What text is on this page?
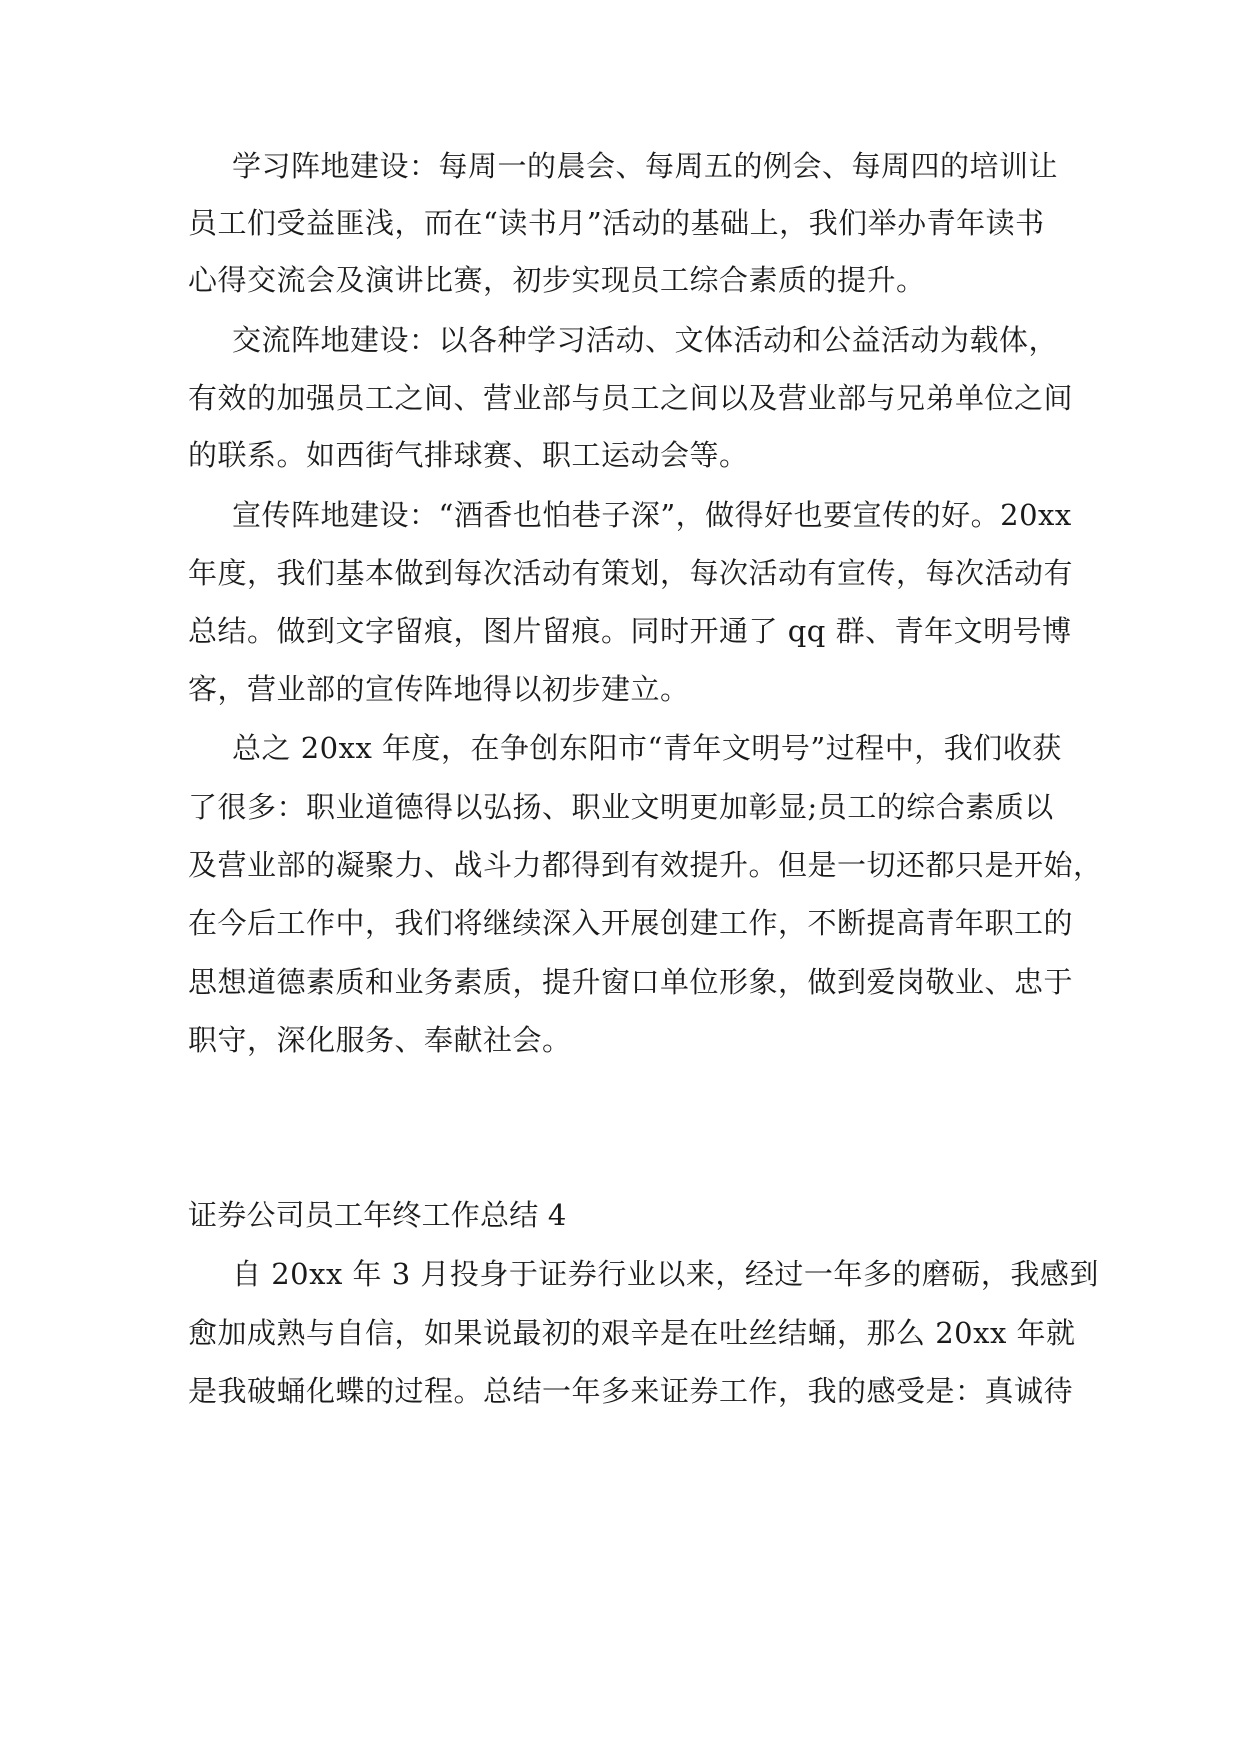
学习阵地建设：每周一的晨会、每周五的例会、每周四的培训让

员工们受益匪浅，而在“读书月”活动的基础上，我们举办青年读书

心得交流会及演讲比赛，初步实现员工综合素质的提升。

交流阵地建设：以各种学习活动、文体活动和公益活动为载体，

有效的加强员工之间、营业部与员工之间以及营业部与兄弟单位之间

的联系。如西街气排球赛、职工运动会等。

宣传阵地建设：“酒香也怕巷子深”，做得好也要宣传的好。20xx

年度，我们基本做到每次活动有策划，每次活动有宣传，每次活动有

总结。做到文字留痕，图片留痕。同时开通了 qq 群、青年文明号博

客，营业部的宣传阵地得以初步建立。

总之 20xx 年度，在争创东阳市“青年文明号”过程中，我们收获

了很多：职业道德得以弘扬、职业文明更加彰显;员工的综合素质以

及营业部的凝聚力、战斗力都得到有效提升。但是一切还都只是开始，

在今后工作中，我们将继续深入开展创建工作，不断提高青年职工的

思想道德素质和业务素质，提升窗口单位形象，做到爱岗敬业、忠于

职守，深化服务、奉献社会。

证券公司员工年终工作总结 4

自 20xx 年 3 月投身于证券行业以来，经过一年多的磨砺，我感到

愈加成熟与自信，如果说最初的艰辛是在吐丝结蛹，那么 20xx 年就

是我破蛹化蝶的过程。总结一年多来证券工作，我的感受是：真诚待
